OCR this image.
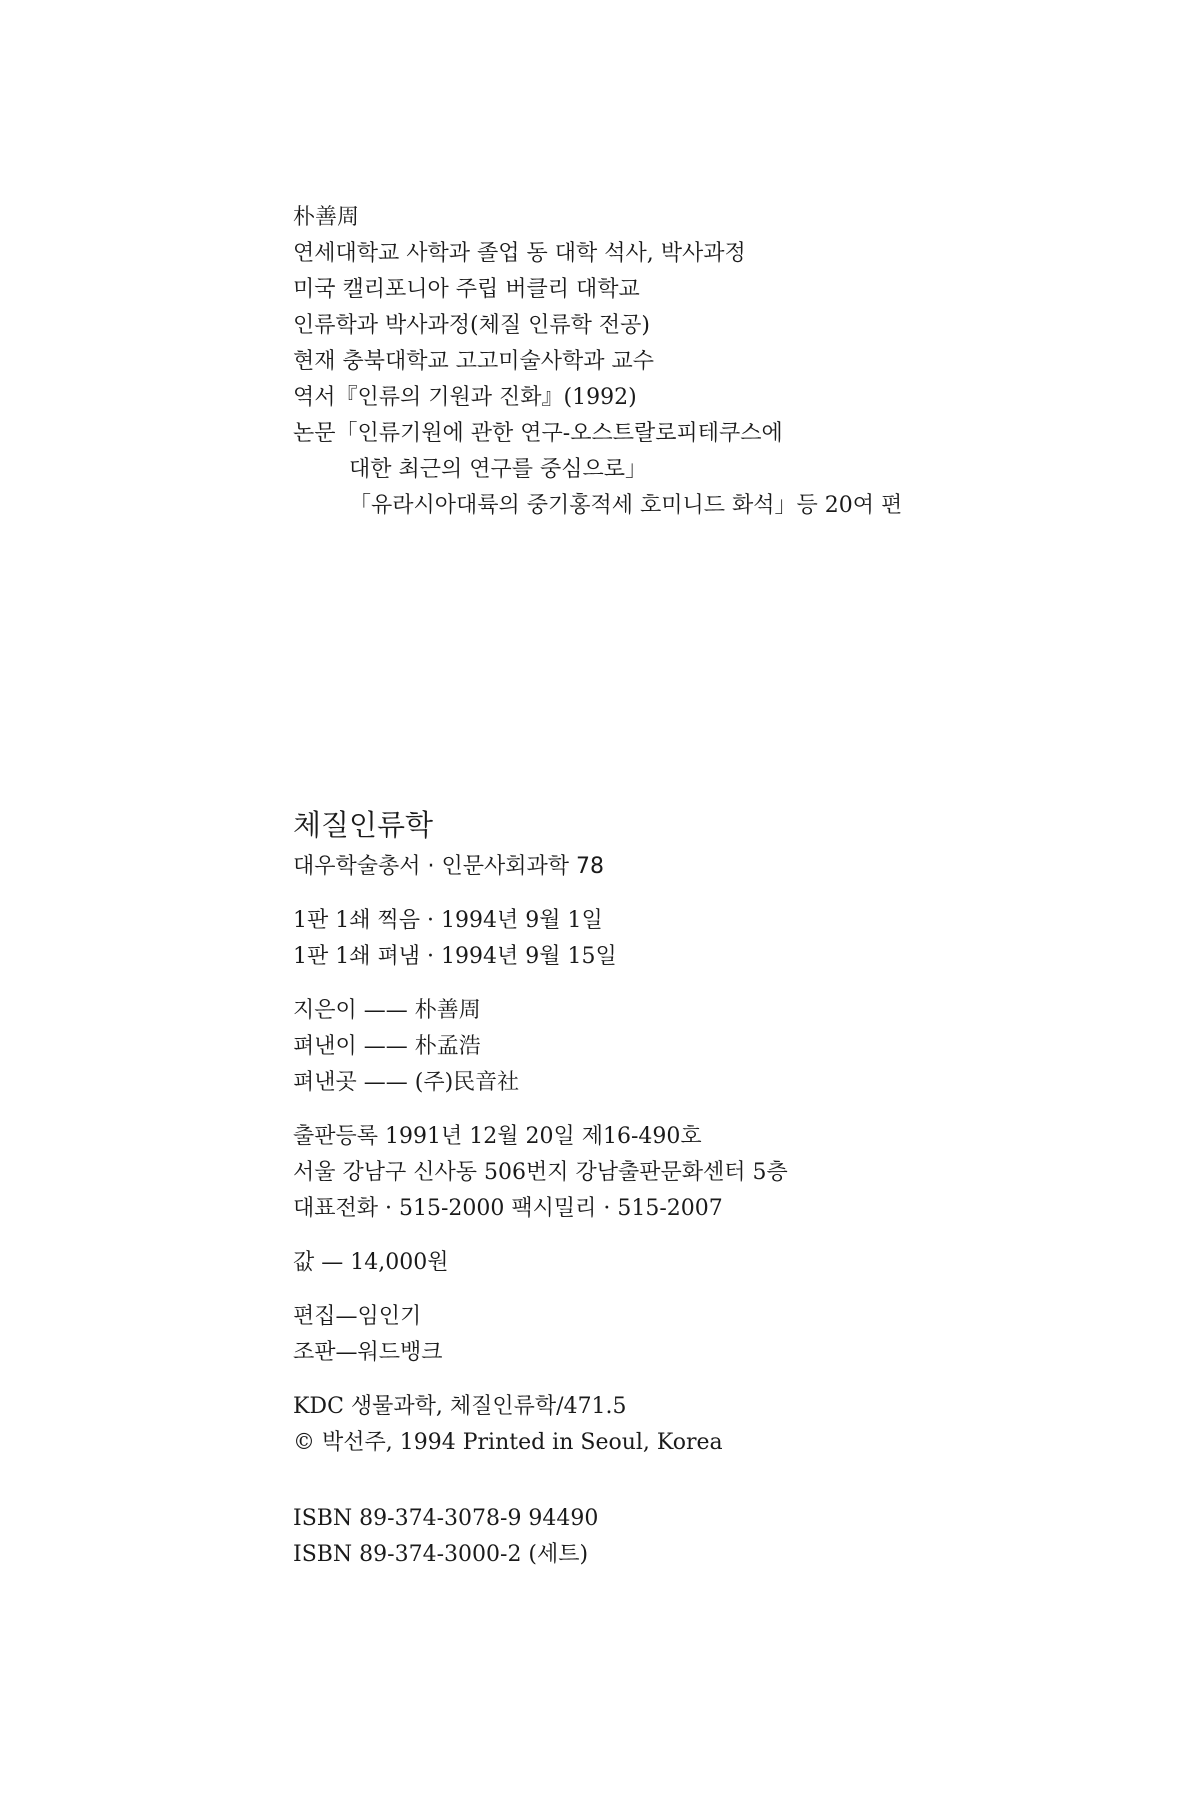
朴善周
연세대학교 사학과 졸업 동 대학 석사, 박사과정
미국 캘리포니아 주립 버클리 대학교
인류학과 박사과정(체질 인류학 전공)
현재 충북대학교 고고미술사학과 교수
역서『인류의 기원과 진화』(1992)
논문「인류기원에 관한 연구-오스트랄로피테쿠스에
대한 최근의 연구를 중심으로」
「유라시아대륙의 중기홍적세 호미니드 화석」등 20여 편
체질인류학
대우학술총서 · 인문사회과학 78
1판 1쇄 찍음 · 1994년 9월 1일
1판 1쇄 펴냄 · 1994년 9월 15일
지은이 —— 朴善周
펴낸이 —— 朴孟浩
펴낸곳 —— (주)民音社
출판등록 1991년 12월 20일 제16-490호
서울 강남구 신사동 506번지 강남출판문화센터 5층
대표전화 · 515-2000 팩시밀리 · 515-2007
값 — 14,000원
편집—임인기
조판—워드뱅크
KDC 생물과학, 체질인류학/471.5
© 박선주, 1994 Printed in Seoul, Korea
ISBN 89-374-3078-9 94490
ISBN 89-374-3000-2 (세트)
